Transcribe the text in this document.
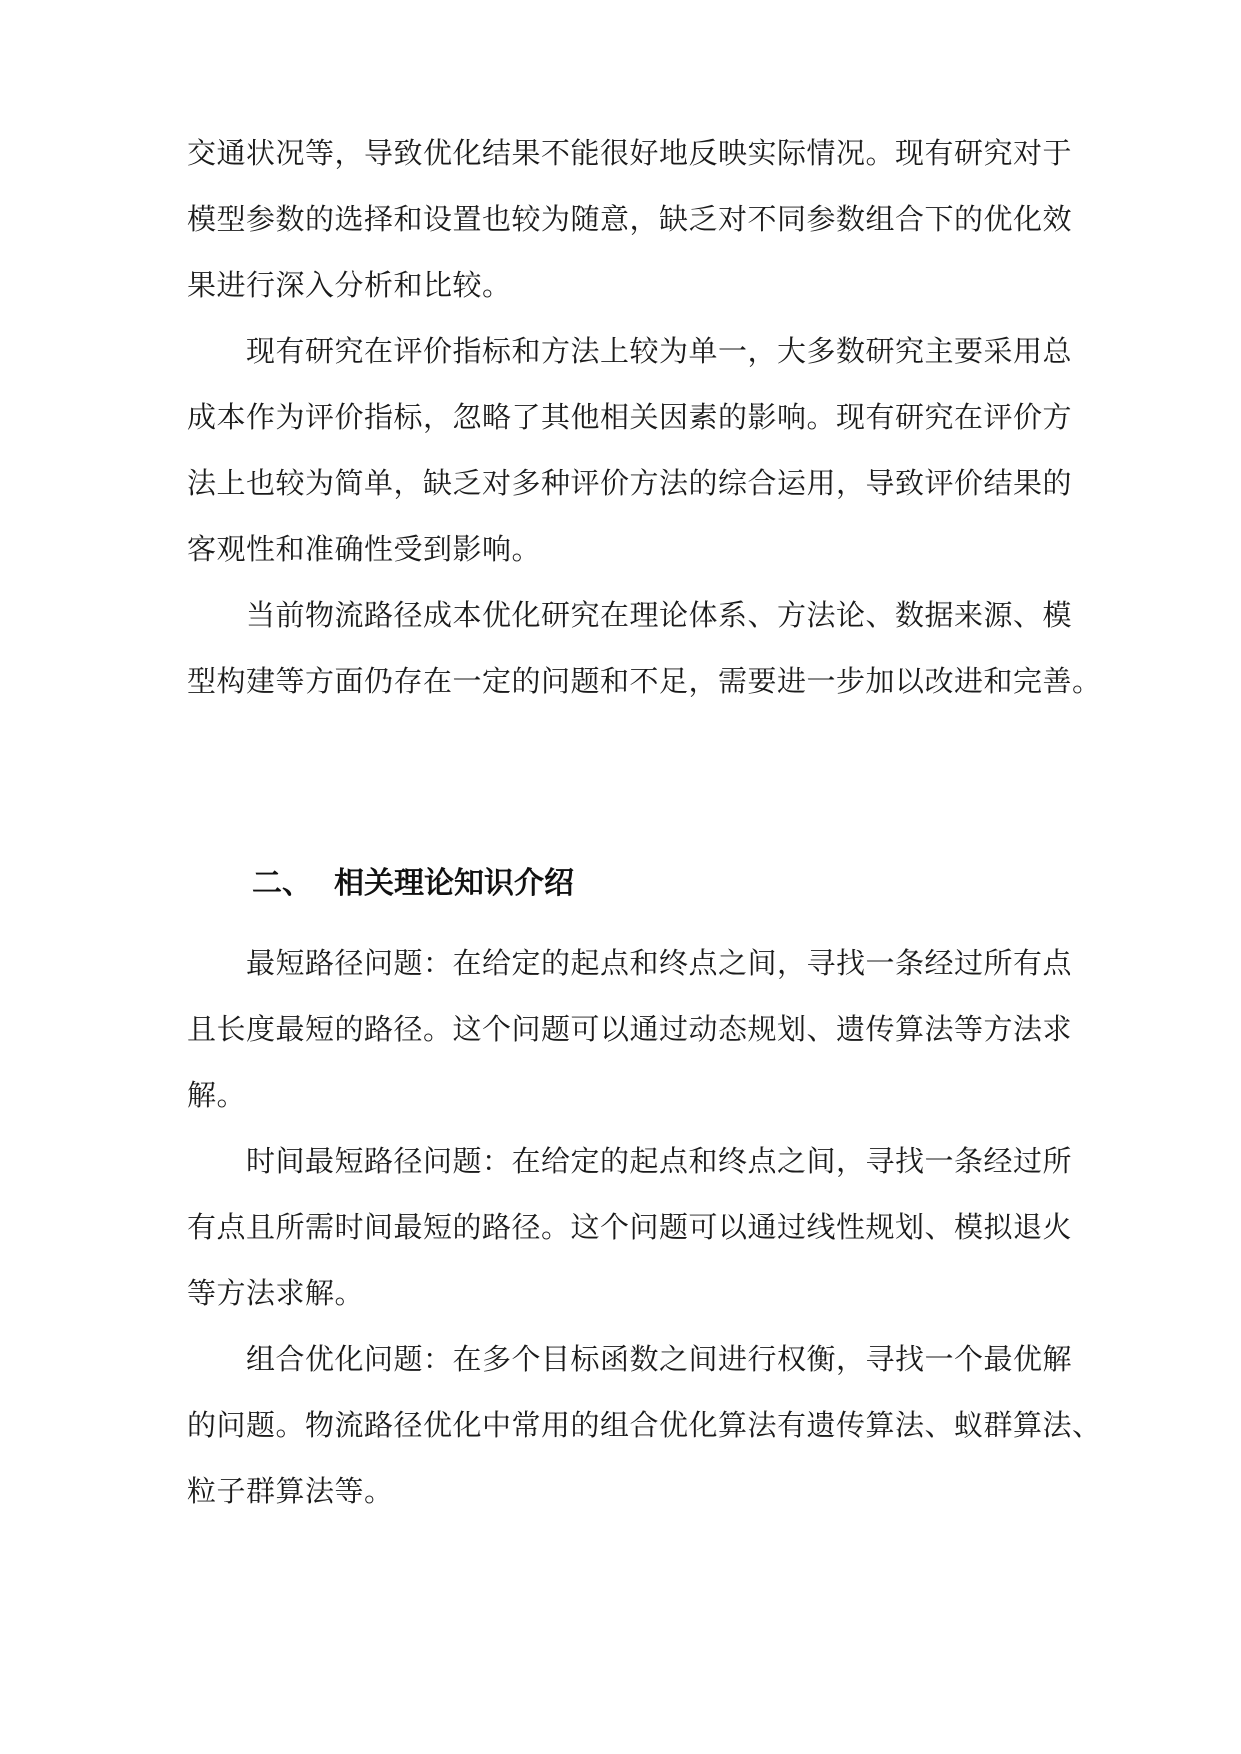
交通状况等，导致优化结果不能很好地反映实际情况。现有研究对于
模型参数的选择和设置也较为随意，缺乏对不同参数组合下的优化效
果进行深入分析和比较。
现有研究在评价指标和方法上较为单一，大多数研究主要采用总
成本作为评价指标，忽略了其他相关因素的影响。现有研究在评价方
法上也较为简单，缺乏对多种评价方法的综合运用，导致评价结果的
客观性和准确性受到影响。
当前物流路径成本优化研究在理论体系、方法论、数据来源、模
型构建等方面仍存在一定的问题和不足，需要进一步加以改进和完善。
二、 相关理论知识介绍
最短路径问题：在给定的起点和终点之间，寻找一条经过所有点
且长度最短的路径。这个问题可以通过动态规划、遗传算法等方法求
解。
时间最短路径问题：在给定的起点和终点之间，寻找一条经过所
有点且所需时间最短的路径。这个问题可以通过线性规划、模拟退火
等方法求解。
组合优化问题：在多个目标函数之间进行权衡，寻找一个最优解
的问题。物流路径优化中常用的组合优化算法有遗传算法、蚁群算法、
粒子群算法等。
